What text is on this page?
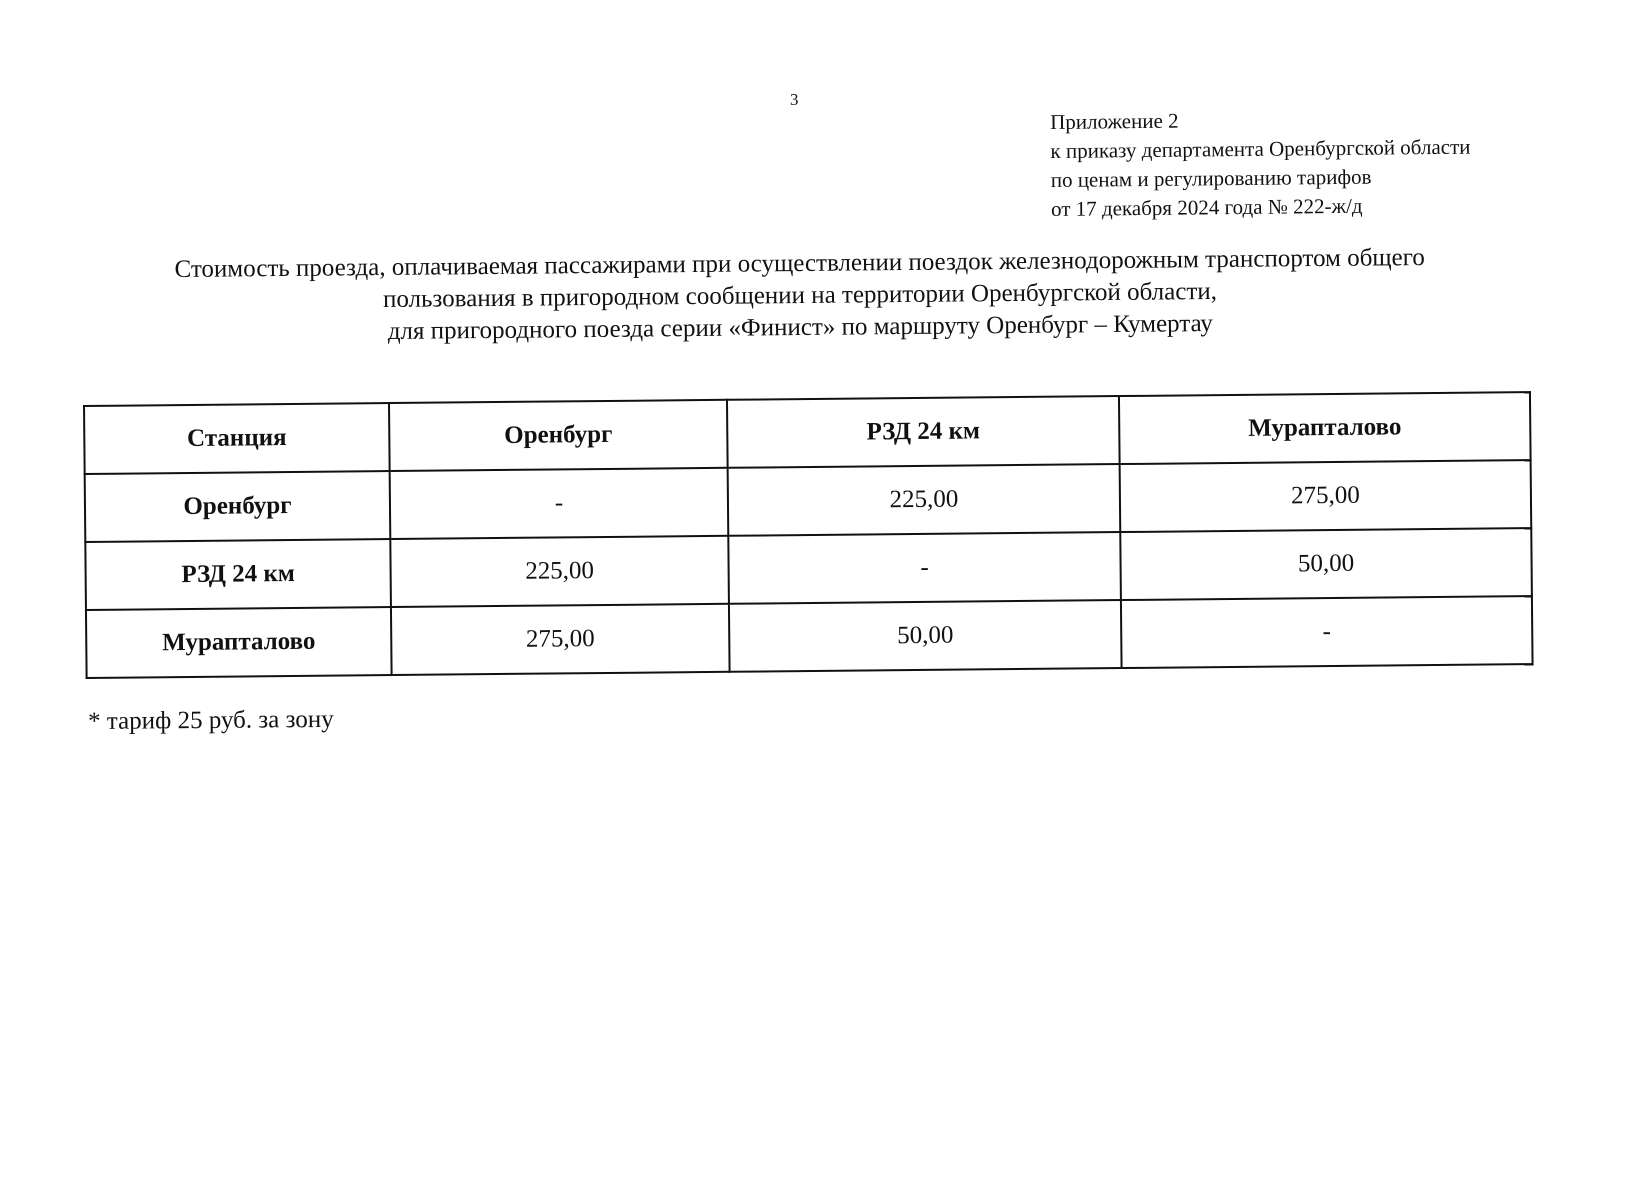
3
Приложение 2
к приказу департамента Оренбургской области
по ценам и регулированию тарифов
от 17 декабря 2024 года № 222-ж/д
Стоимость проезда, оплачиваемая пассажирами при осуществлении поездок железнодорожным транспортом общего
пользования в пригородном сообщении на территории Оренбургской области,
для пригородного поезда серии «Финист» по маршруту Оренбург – Кумертау
Станция	Оренбург	РЗД 24 км	Мурапталово
Оренбург	-	225,00	275,00
РЗД 24 км	225,00	-	50,00
Мурапталово	275,00	50,00	-
* тариф 25 руб. за зону
